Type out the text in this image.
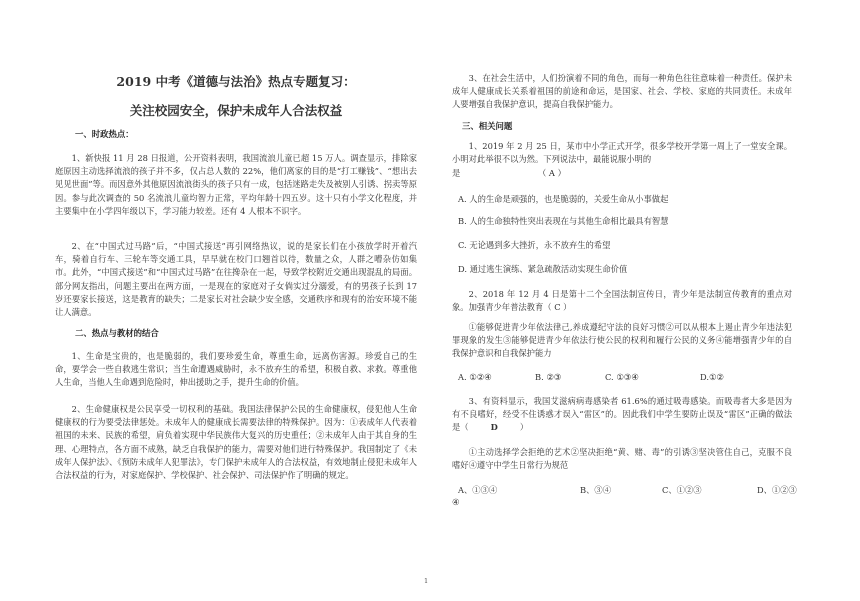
2019 中考《道德与法治》热点专题复习：
关注校园安全，保护未成年人合法权益
一、时政热点：
1、新快报 11 月 28 日报道，公开资料表明，我国流浪儿童已超 15 万人。调查显示，排除家庭原因主动选择流浪的孩子并不多，仅占总人数的 22%，他们离家的目的是“打工赚钱”、“想出去见见世面”等。而因意外其他原因流浪街头的孩子只有一成，包括迷路走失及被别人引诱、拐卖等原因。参与此次调查的 50 名流浪儿童均智力正常，平均年龄十四五岁。这十只有小学文化程度，并主要集中在小学四年级以下，学习能力较差。还有 4 人根本不识字。
2、在“中国式过马路”后，“中国式接送”再引网络热议，说的是家长们在小孩放学时开着汽车，骑着自行车、三轮车等交通工具，早早就在校门口翘首以待，数量之众，人群之嘈杂仿如集市。此外，“中国式接送”和“中国式过马路”在往搀杂在一起，导致学校附近交通出现混乱的局面。部分网友指出，问题主要出在两方面，一是现在的家庭对子女倘实过分溺爱，有的男孩子长到 17 岁还要家长接送，这是教育的缺失；二是家长对社会缺少安全感，交通秩序和现有的治安环境不能让人满意。
二、热点与教材的结合
1、生命是宝贵的，也是脆弱的，我们要珍爱生命，尊重生命，远离伤害源。珍爱自己的生命，要学会一些自救逃生常识；当生命遭遇威胁时，永不放弃生的希望，积极自救、求救。尊重他人生命，当他人生命遇到危险时，伸出援助之手，提升生命的价值。
2、生命健康权是公民享受一切权利的基础。我国法律保护公民的生命健康权，侵犯他人生命健康权的行为要受法律惩处。未成年人的健康成长需要法律的特殊保护。因为：①表成年人代表着祖国的未来、民族的希望，肩负着实现中华民族伟大复兴的历史重任；②未成年人由于其自身的生理、心理特点，各方面不成熟，缺乏自我保护的能力，需要对他们进行特殊保护。我国制定了《未成年人保护法》、《预防未成年人犯罪法》，专门保护未成年人的合法权益，有效地制止侵犯未成年人合法权益的行为，对家庭保护、学校保护、社会保护、司法保护作了明确的规定。
3、在社会生活中，人们扮演着不同的角色，而每一种角色往往意味着一种责任。保护未成年人健康成长关系着祖国的前途和命运，是国家、社会、学校、家庭的共同责任。未成年人要增强自我保护意识，提高自我保护能力。
三、相关问题
1、2019 年 2 月 25 日，某市中小学正式开学，很多学校开学第一周上了一堂安全课。小明对此举很不以为然。下列说法中，最能说服小明的
是	（ A ）
A. 人的生命是顽强的，也是脆弱的，关爱生命从小事做起
B. 人的生命独特性突出表现在与其他生命相比最具有智慧
C. 无论遇到多大挫折，永不放弃生的希望
D. 通过逃生演练、紧急疏散活动实现生命价值
2、2018 年 12 月 4 日是第十二个全国法制宣传日，青少年是法制宣传教育的重点对象。加强青少年普法教育（ C ）
①能够促进青少年依法律己,养成遵纪守法的良好习惯②可以从根本上遏止青少年违法犯罪现象的发生③能够促进青少年依法行使公民的权利和履行公民的义务④能增强青少年的自我保护意识和自我保护能力
A. ①②④	B. ②③	C. ①③④	D.①②
3、有资料显示，我国艾滋病病毒感染者 61.6%的通过吸毒感染。而吸毒者大多是因为有不良嗜好，经受不住诱惑才误入“雷区”的。因此我们中学生要防止误及“雷区”正确的做法是（	D	）
①主动选择学会拒绝的艺术②坚决拒绝“黄、赌、毒”的引诱③坚决管住自己，克服不良嗜好④遵守中学生日常行为规范
A、①③④	B、③④	C、①②③	D、①②③
④
1
